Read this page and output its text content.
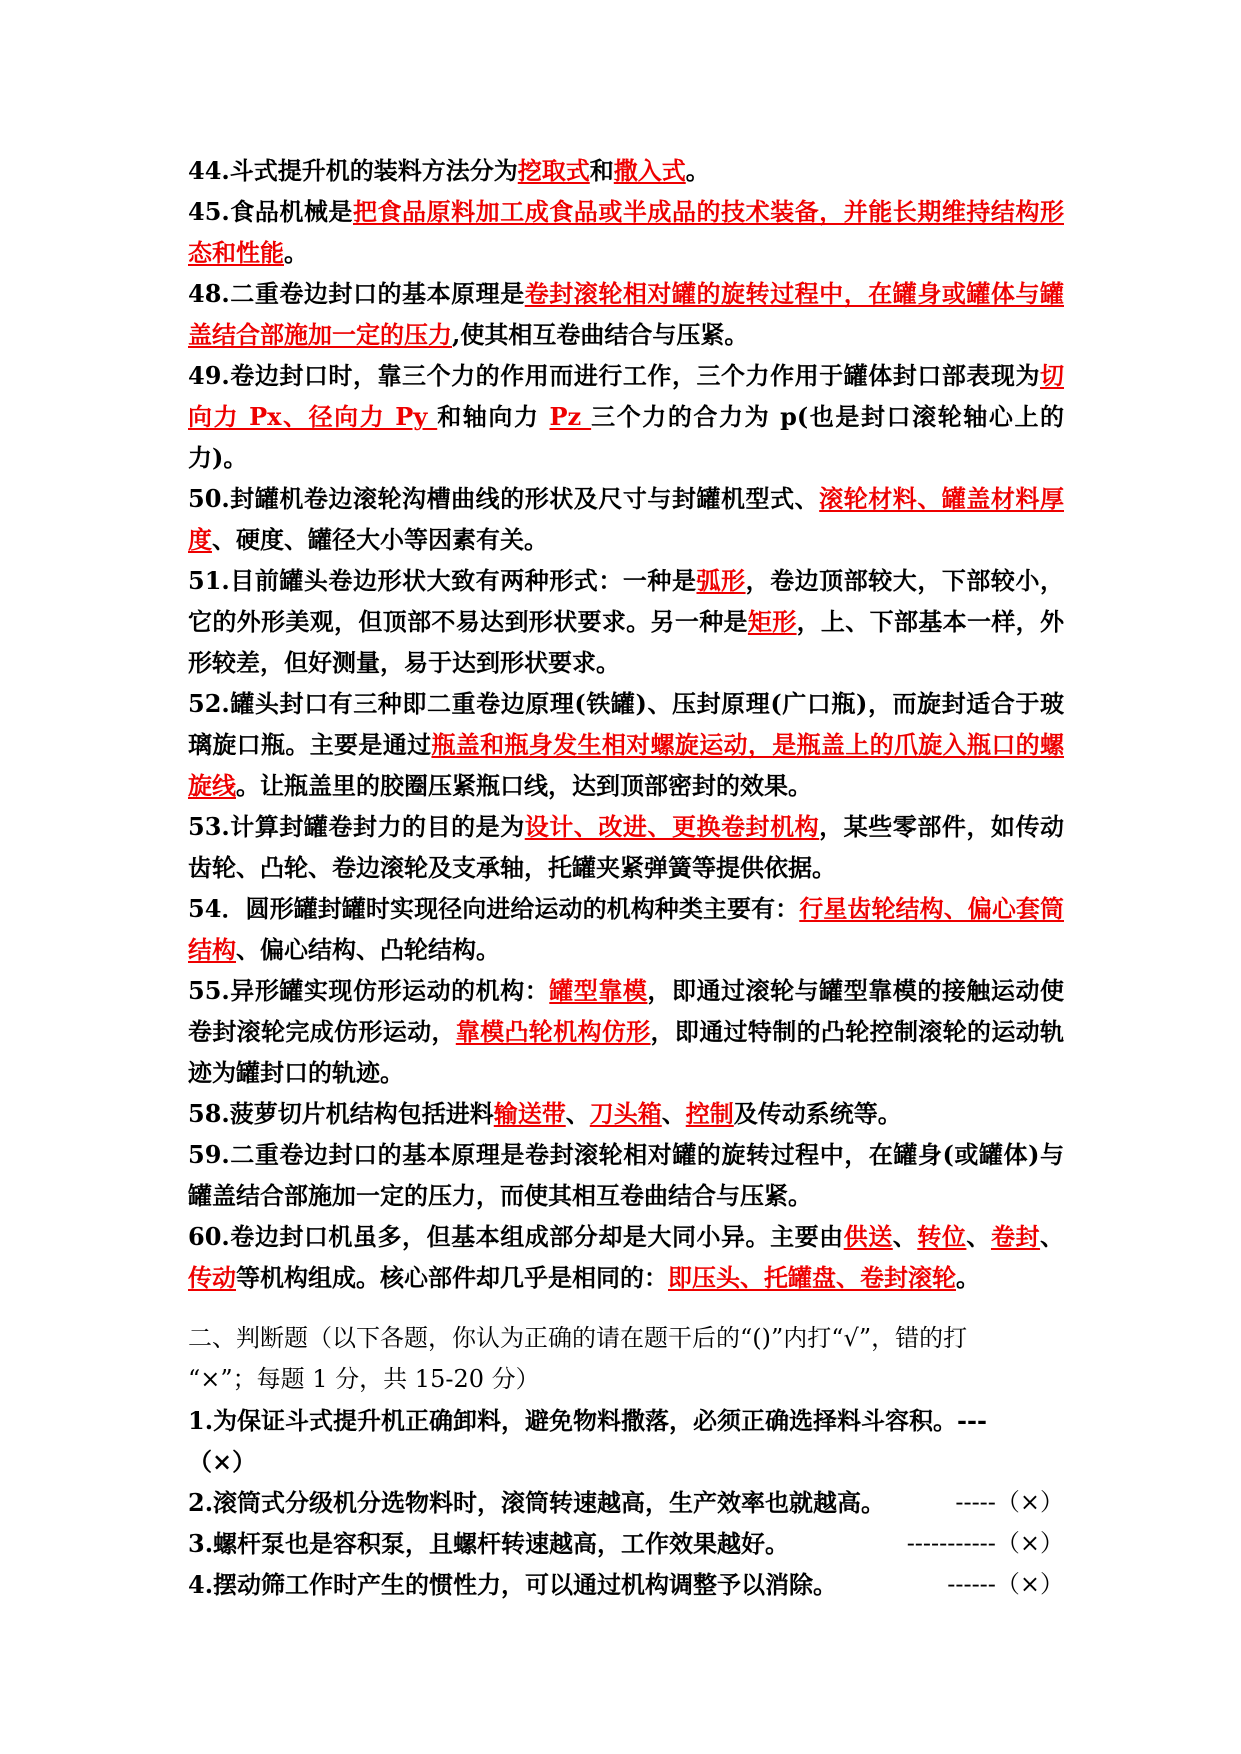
44.斗式提升机的装料方法分为挖取式和撒入式。

45.食品机械是把食品原料加工成食品或半成品的技术装备，并能长期维持结构形态和性能。

48.二重卷边封口的基本原理是卷封滚轮相对罐的旋转过程中，在罐身或罐体与罐盖结合部施加一定的压力,使其相互卷曲结合与压紧。

49.卷边封口时，靠三个力的作用而进行工作，三个力作用于罐体封口部表现为切向力 Px、径向力 Py 和轴向力 Pz 三个力的合力为 p(也是封口滚轮轴心上的力)。

50.封罐机卷边滚轮沟槽曲线的形状及尺寸与封罐机型式、滚轮材料、罐盖材料厚度、硬度、罐径大小等因素有关。

51.目前罐头卷边形状大致有两种形式：一种是弧形，卷边顶部较大，下部较小，它的外形美观，但顶部不易达到形状要求。另一种是矩形，上、下部基本一样，外形较差，但好测量，易于达到形状要求。

52.罐头封口有三种即二重卷边原理(铁罐)、压封原理(广口瓶)，而旋封适合于玻璃旋口瓶。主要是通过瓶盖和瓶身发生相对螺旋运动，是瓶盖上的爪旋入瓶口的螺旋线。让瓶盖里的胶圈压紧瓶口线，达到顶部密封的效果。

53.计算封罐卷封力的目的是为设计、改进、更换卷封机构，某些零部件，如传动齿轮、凸轮、卷边滚轮及支承轴，托罐夹紧弹簧等提供依据。

54．圆形罐封罐时实现径向进给运动的机构种类主要有：行星齿轮结构、偏心套筒结构、偏心结构、凸轮结构。

55.异形罐实现仿形运动的机构：罐型靠模，即通过滚轮与罐型靠模的接触运动使卷封滚轮完成仿形运动，靠模凸轮机构仿形，即通过特制的凸轮控制滚轮的运动轨迹为罐封口的轨迹。

58.菠萝切片机结构包括进料输送带、刀头箱、控制及传动系统等。

59.二重卷边封口的基本原理是卷封滚轮相对罐的旋转过程中，在罐身(或罐体)与罐盖结合部施加一定的压力，而使其相互卷曲结合与压紧。

60.卷边封口机虽多，但基本组成部分却是大同小异。主要由供送、转位、卷封、传动等机构组成。核心部件却几乎是相同的：即压头、托罐盘、卷封滚轮。

二、判断题（以下各题，你认为正确的请在题干后的“()”内打“√”，错的打

“×”；每题 1 分，共 15-20 分）

1.为保证斗式提升机正确卸料，避免物料撒落，必须正确选择料斗容积。---
（×）

2.滚筒式分级机分选物料时，滚筒转速越高，生产效率也就越高。	-----（×）

3.螺杆泵也是容积泵，且螺杆转速越高，工作效果越好。	-----------（×）

4.摆动筛工作时产生的惯性力，可以通过机构调整予以消除。	------（×）
